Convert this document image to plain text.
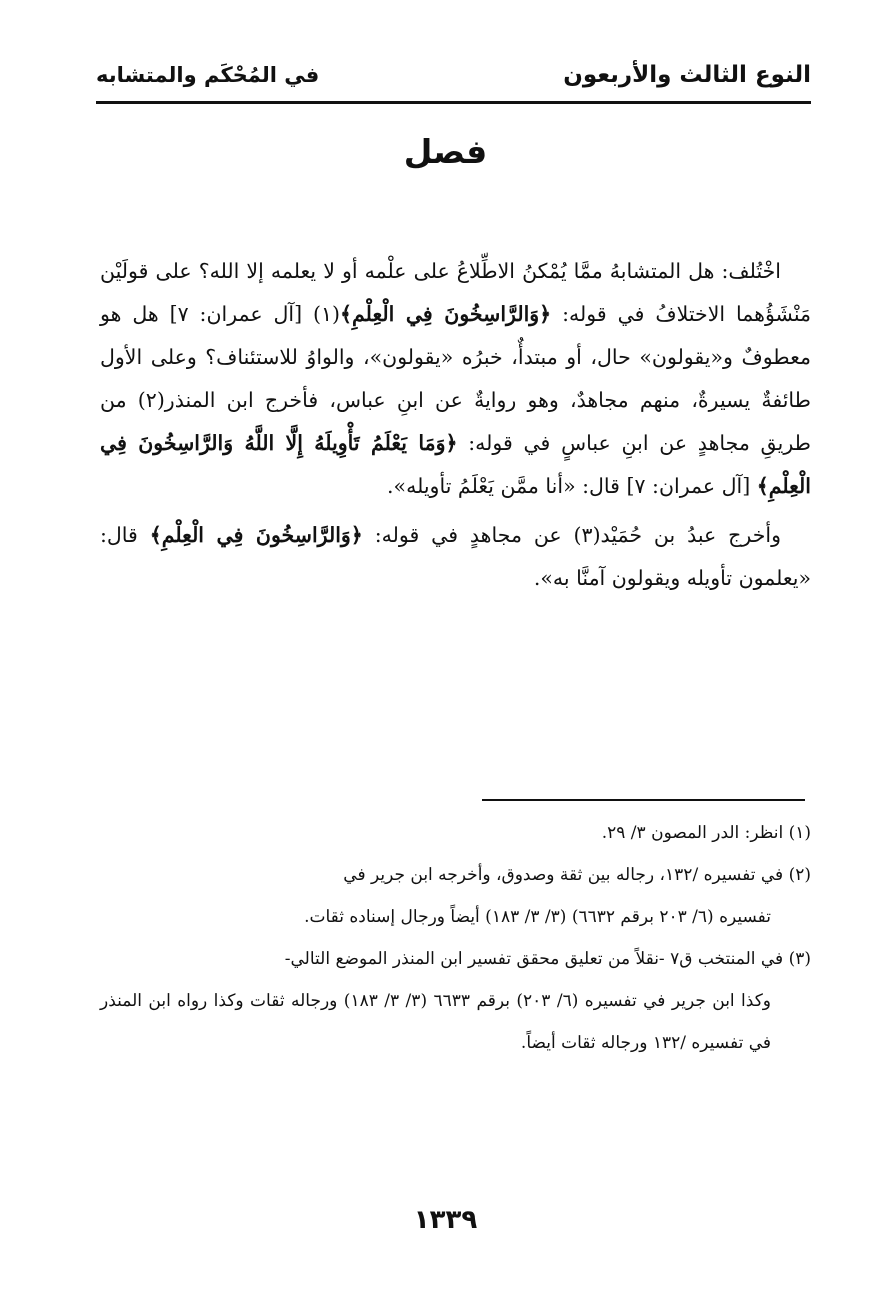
النوع الثالث والأربعون
في المُحْكَم والمتشابه
فصل

اخْتُلف: هل المتشابهُ ممَّا يُمْكنُ الاطِّلاعُ على علْمه أو لا يعلمه إلا الله؟ على قولَيْن مَنْشَؤُهما الاختلافُ في قوله: ﴿وَالرَّاسِخُونَ فِي الْعِلْمِ﴾(١) [آل عمران: ٧] هل هو معطوفٌ و«يقولون» حال، أو مبتدأٌ، خبرُه «يقولون»، والواوُ للاستئناف؟ وعلى الأول طائفةٌ يسيرةٌ، منهم مجاهدٌ، وهو روايةٌ عن ابنِ عباس، فأخرج ابن المنذر(٢) من طريقِ مجاهدٍ عن ابنِ عباسٍ في قوله: ﴿وَمَا يَعْلَمُ تَأْوِيلَهُ إِلَّا اللَّهُ وَالرَّاسِخُونَ فِي الْعِلْمِ﴾ [آل عمران: ٧] قال: «أنا ممَّن يَعْلَمُ تأويله».

وأخرج عبدُ بن حُمَيْد(٣) عن مجاهدٍ في قوله: ﴿وَالرَّاسِخُونَ فِي الْعِلْمِ﴾ قال: «يعلمون تأويله ويقولون آمنَّا به».

(١) انظر: الدر المصون ٣/ ٢٩.

(٢) في تفسيره /١٣٢، رجاله بين ثقة وصدوق، وأخرجه ابن جرير في

تفسيره (٦/ ٢٠٣ برقم ٦٦٣٢) (٣/ ٣/ ١٨٣) أيضاً ورجال إسناده ثقات.

(٣) في المنتخب ق٧ -نقلاً من تعليق محقق تفسير ابن المنذر الموضع التالي-

وكذا ابن جرير في تفسيره (٦/ ٢٠٣) برقم ٦٦٣٣ (٣/ ٣/ ١٨٣) ورجاله ثقات وكذا رواه ابن المنذر في تفسيره /١٣٢ ورجاله ثقات أيضاً.

١٣٣٩
